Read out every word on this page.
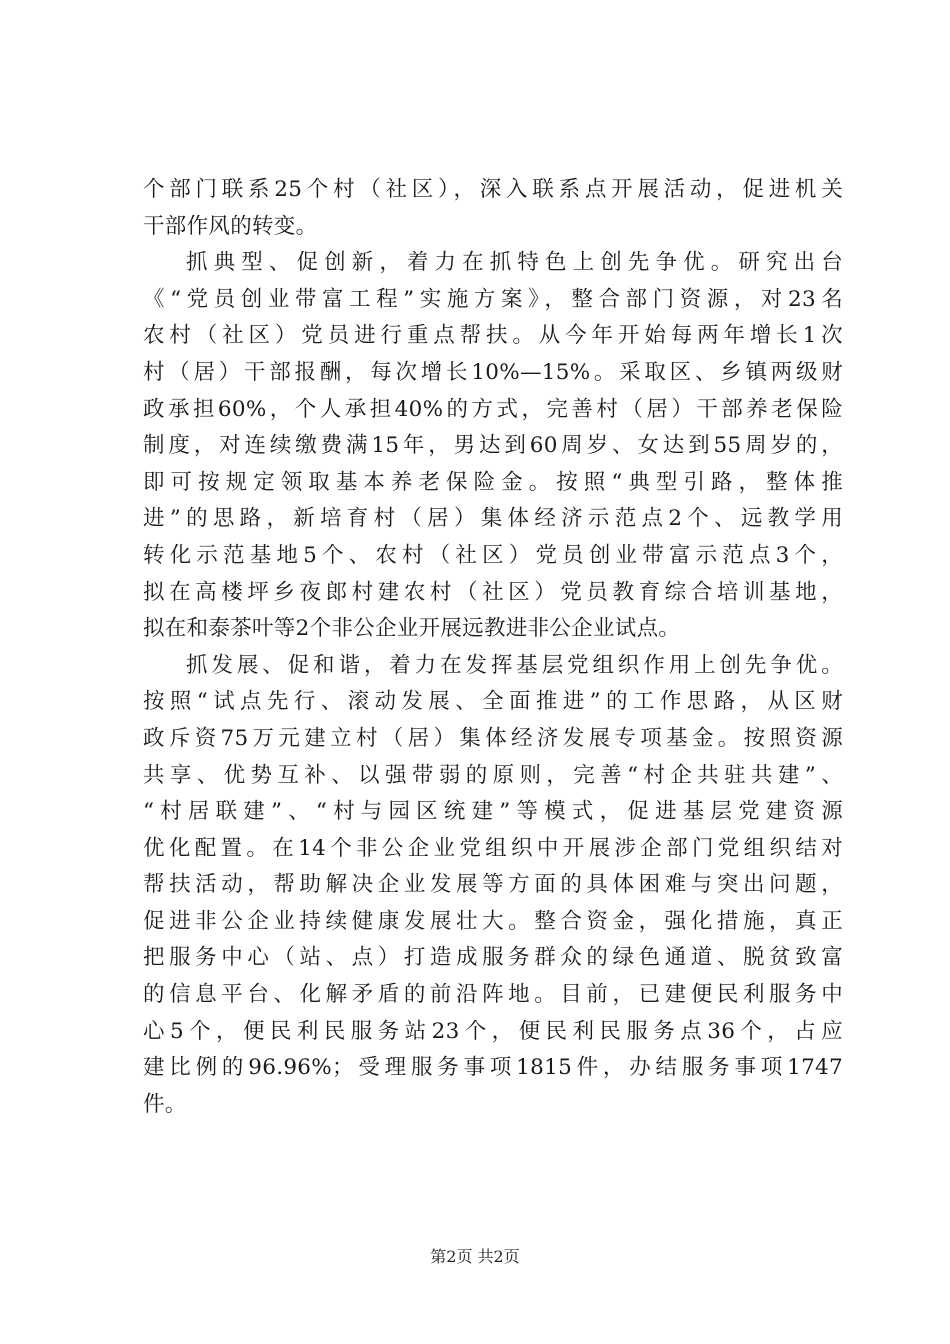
个部门联系25个村（社区），深入联系点开展活动，促进机关
干部作风的转变。
抓典型、促创新，着力在抓特色上创先争优。研究出台
《“党员创业带富工程”实施方案》，整合部门资源，对23名
农村（社区）党员进行重点帮扶。从今年开始每两年增长1次
村（居）干部报酬，每次增长10%—15%。采取区、乡镇两级财
政承担60%，个人承担40%的方式，完善村（居）干部养老保险
制度，对连续缴费满15年，男达到60周岁、女达到55周岁的，
即可按规定领取基本养老保险金。按照“典型引路，整体推
进”的思路，新培育村（居）集体经济示范点2个、远教学用
转化示范基地5个、农村（社区）党员创业带富示范点3个，
拟在高楼坪乡夜郎村建农村（社区）党员教育综合培训基地，
拟在和泰茶叶等2个非公企业开展远教进非公企业试点。
抓发展、促和谐，着力在发挥基层党组织作用上创先争优。
按照“试点先行、滚动发展、全面推进”的工作思路，从区财
政斥资75万元建立村（居）集体经济发展专项基金。按照资源
共享、优势互补、以强带弱的原则，完善“村企共驻共建”、
“村居联建”、“村与园区统建”等模式，促进基层党建资源
优化配置。在14个非公企业党组织中开展涉企部门党组织结对
帮扶活动，帮助解决企业发展等方面的具体困难与突出问题，
促进非公企业持续健康发展壮大。整合资金，强化措施，真正
把服务中心（站、点）打造成服务群众的绿色通道、脱贫致富
的信息平台、化解矛盾的前沿阵地。目前，已建便民利服务中
心5个，便民利民服务站23个，便民利民服务点36个，占应
建比例的96.96%；受理服务事项1815件，办结服务事项1747
件。
第2页 共2页
